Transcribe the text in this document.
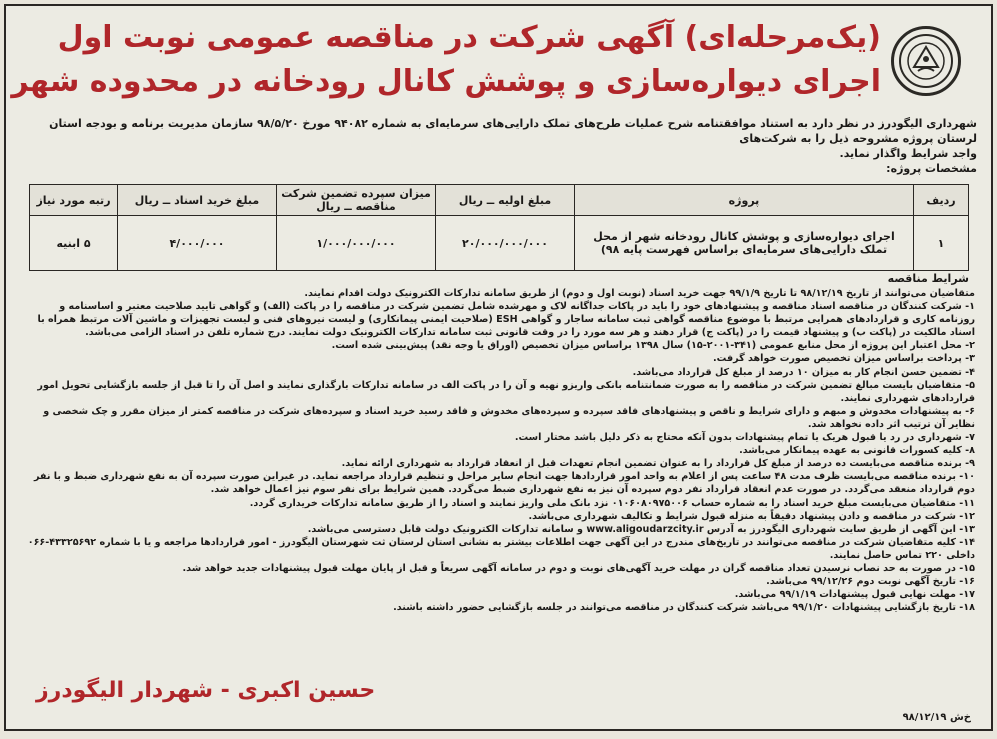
(یک‌مرحله‌ای) آگهی شرکت در مناقصه عمومی نوبت اول
اجرای دیواره‌سازی و پوشش کانال رودخانه در محدوده شهر
شهرداری الیگودرز در نظر دارد به استناد موافقتنامه شرح عملیات طرح‌های تملک دارایی‌های سرمایه‌ای به شماره ۹۴۰۸۲ مورخ ۹۸/۵/۲۰ سازمان مدیریت برنامه و بودجه استان لرستان پروژه مشروحه ذیل را به شرکت‌های
واجد شرایط واگذار نماید.
مشخصات پروژه:
ردیف	پروژه	مبلغ اولیه ــ ریال	میزان سپرده تضمین شرکت مناقصه ــ ریال	مبلغ خرید اسناد ــ ریال	رتبه مورد نیاز
۱	اجرای دیواره‌سازی و پوشش کانال رودخانه شهر از محل تملک دارایی‌های سرمایه‌ای براساس فهرست پایه ۹۸)	۲۰/۰۰۰/۰۰۰/۰۰۰	۱/۰۰۰/۰۰۰/۰۰۰	۴/۰۰۰/۰۰۰	۵ ابنیه
شرایط مناقصه
متقاضیان می‌توانند از تاریخ ۹۸/۱۲/۱۹ تا تاریخ ۹۹/۱/۹ جهت خرید اسناد (نوبت اول و دوم) از طریق سامانه تدارکات الکترونیک دولت اقدام نمایند.
۱- شرکت کنندگان در مناقصه اسناد مناقصه و پیشنهادهای خود را باید در پاکات جداگانه لاک و مهرشده شامل تضمین شرکت در مناقصه را در پاکت (الف) و گواهی تایید صلاحیت معتبر و اساسنامه و روزنامه کاری و قراردادهای همرایی مرتبط با موضوع مناقصه گواهی ثبت سامانه ساجار و گواهی ESH (صلاحیت ایمنی پیمانکاری) و لیست نیروهای فنی و لیست تجهیزات و ماشین آلات مرتبط همراه با اسناد مالکیت در (پاکت ب) و پیشنهاد قیمت را در (پاکت ج) قرار دهند و هر سه مورد را در وقت قانونی ثبت سامانه تدارکات الکترونیک دولت نمایند. درج شماره تلفن در اسناد الزامی می‌باشد.
۲- محل اعتبار این پروژه از محل منابع عمومی (۳۴۱-۲۰۰۱-۱۵) سال ۱۳۹۸ براساس میزان تخصیص (اوراق یا وجه نقد) پیش‌بینی شده است.
۳- پرداخت براساس میزان تخصیص صورت خواهد گرفت.
۴- تضمین حسن انجام کار به میزان ۱۰ درصد از مبلغ کل قرارداد می‌باشد.
۵- متقاضیان بایست مبالغ تضمین شرکت در مناقصه را به صورت ضمانتنامه بانکی واریزو نهیه و آن را در پاکت الف در سامانه تدارکات بارگذاری نمایند و اصل آن را تا قبل از جلسه بازگشایی تحویل امور قراردادهای شهرداری نمایند.
۶- به پیشنهادات مخدوش و مبهم و دارای شرایط و ناقص و پیشنهادهای فاقد سپرده و سپرده‌های مخدوش و فاقد رسید خرید اسناد و سپرده‌های شرکت در مناقصه کمتر از میزان مقرر و چک شخصی و نظایر آن ترتیب اثر داده نخواهد شد.
۷- شهرداری در رد یا قبول هریک یا تمام پیشنهادات بدون آنکه محتاج به ذکر دلیل باشد مختار است.
۸- کلیه کسورات قانونی به عهده پیمانکار می‌باشد.
۹- برنده مناقصه می‌بایست ده درصد از مبلغ کل قرارداد را به عنوان تضمین انجام تعهدات قبل از انعقاد قرارداد به شهرداری ارائه نماید.
۱۰- برنده مناقصه می‌بایست ظرف مدت ۴۸ ساعت پس از اعلام به واحد امور قراردادها جهت انجام سایر مراحل و تنظیم قرارداد مراجعه نماید. در غیراین صورت سپرده آن به نفع شهرداری ضبط و با نفر دوم قرارداد منعقد می‌گردد. در صورت عدم انعقاد قرارداد نفر دوم سپرده آن نیز به نفع شهرداری ضبط می‌گردد. همین شرایط برای نفر سوم نیز اعمال خواهد شد.
۱۱- متقاضیان می‌بایست مبلغ خرید اسناد را به شماره حساب ۰۱۰۶۰۸۰۹۷۵۰۰۶ نزد بانک ملی واریز نمایند و اسناد را از طریق سامانه تدارکات خریداری گردد.
۱۲- شرکت در مناقصه و دادن پیشنهاد دقیقاً به منزله قبول شرایط و تکالیف شهرداری می‌باشد.
۱۳- این آگهی از طریق سایت شهرداری الیگودرز به آدرس www.aligoudarzcity.ir و سامانه تدارکات الکترونیک دولت قابل دسترسی می‌باشد.
۱۴- کلیه متقاضیان شرکت در مناقصه می‌توانند در تاریخ‌های مندرج در این آگهی جهت اطلاعات بیشتر به نشانی استان لرستان ثت شهرستان الیگودرز - امور قراردادها مراجعه و یا با شماره ۴۳۳۲۵۶۹۲-۰۶۶ داخلی ۲۲۰ تماس حاصل نمایند.
۱۵- در صورت به حد نصاب نرسیدن تعداد مناقصه گران در مهلت خرید آگهی‌های نوبت و دوم در سامانه آگهی سریعاً و قبل از پایان مهلت قبول پیشنهادات جدید خواهد شد.
۱۶- تاریخ آگهی نوبت دوم ۹۹/۱۲/۲۶ می‌باشد.
۱۷- مهلت نهایی قبول پیشنهادات ۹۹/۱/۱۹ می‌باشد.
۱۸- تاریخ بازگشایی پیشنهادات ۹۹/۱/۲۰ می‌باشد شرکت کنندگان در مناقصه می‌توانند در جلسه بازگشایی حضور داشته باشند.
حسین اکبری - شهردار الیگودرز
خ‌ش ۹۸/۱۲/۱۹
